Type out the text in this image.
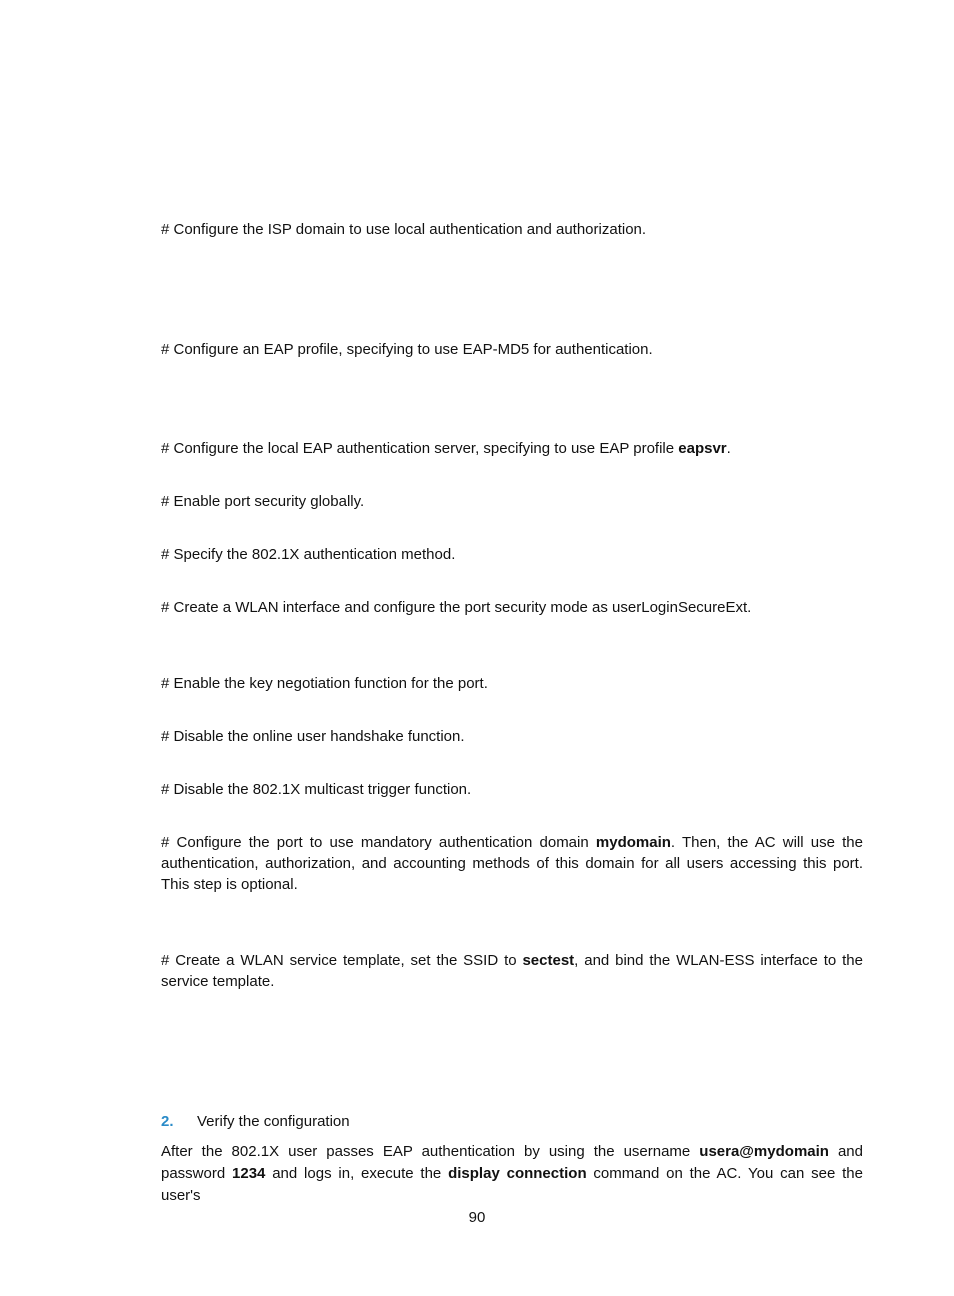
# Configure the ISP domain to use local authentication and authorization.

# Configure an EAP profile, specifying to use EAP-MD5 for authentication.

# Configure the local EAP authentication server, specifying to use EAP profile eapsvr.

# Enable port security globally.

# Specify the 802.1X authentication method.

# Create a WLAN interface and configure the port security mode as userLoginSecureExt.

# Enable the key negotiation function for the port.

# Disable the online user handshake function.

# Disable the 802.1X multicast trigger function.

# Configure the port to use mandatory authentication domain mydomain. Then, the AC will use the authentication, authorization, and accounting methods of this domain for all users accessing this port. This step is optional.

# Create a WLAN service template, set the SSID to sectest, and bind the WLAN-ESS interface to the service template.

2. Verify the configuration

After the 802.1X user passes EAP authentication by using the username usera@mydomain and password 1234 and logs in, execute the display connection command on the AC. You can see the user's

90
